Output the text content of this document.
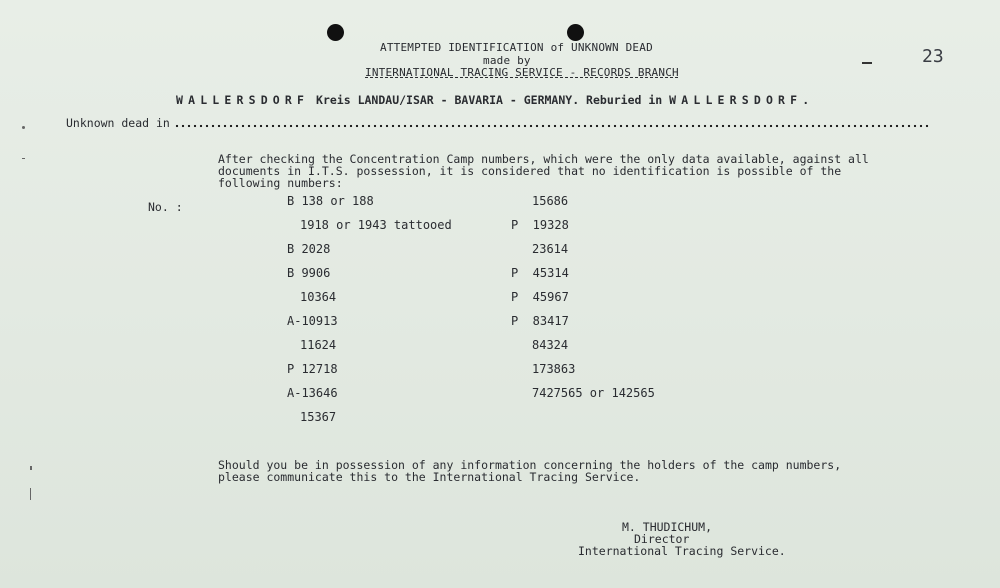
ATTEMPTED IDENTIFICATION of UNKNOWN DEAD
made by
INTERNATIONAL TRACING SERVICE - RECORDS BRANCH
23
WALLERSDORF Kreis LANDAU/ISAR - BAVARIA - GERMANY. Reburied in WALLERSDORF.
Unknown dead in
After checking the Concentration Camp numbers, which were the only data available, against all
documents in I.T.S. possession, it is considered that no identification is possible of the
following numbers:
No. :	B 138 or 188
1918 or 1943 tattooed
B 2028
B 9906
10364
A-10913
11624
P 12718
A-13646
15367
15686
P  19328
23614
P  45314
P  45967
P  83417
84324
173863
7427565 or 142565
Should you be in possession of any information concerning the holders of the camp numbers,
please communicate this to the International Tracing Service.
M. THUDICHUM,
Director
International Tracing Service.
